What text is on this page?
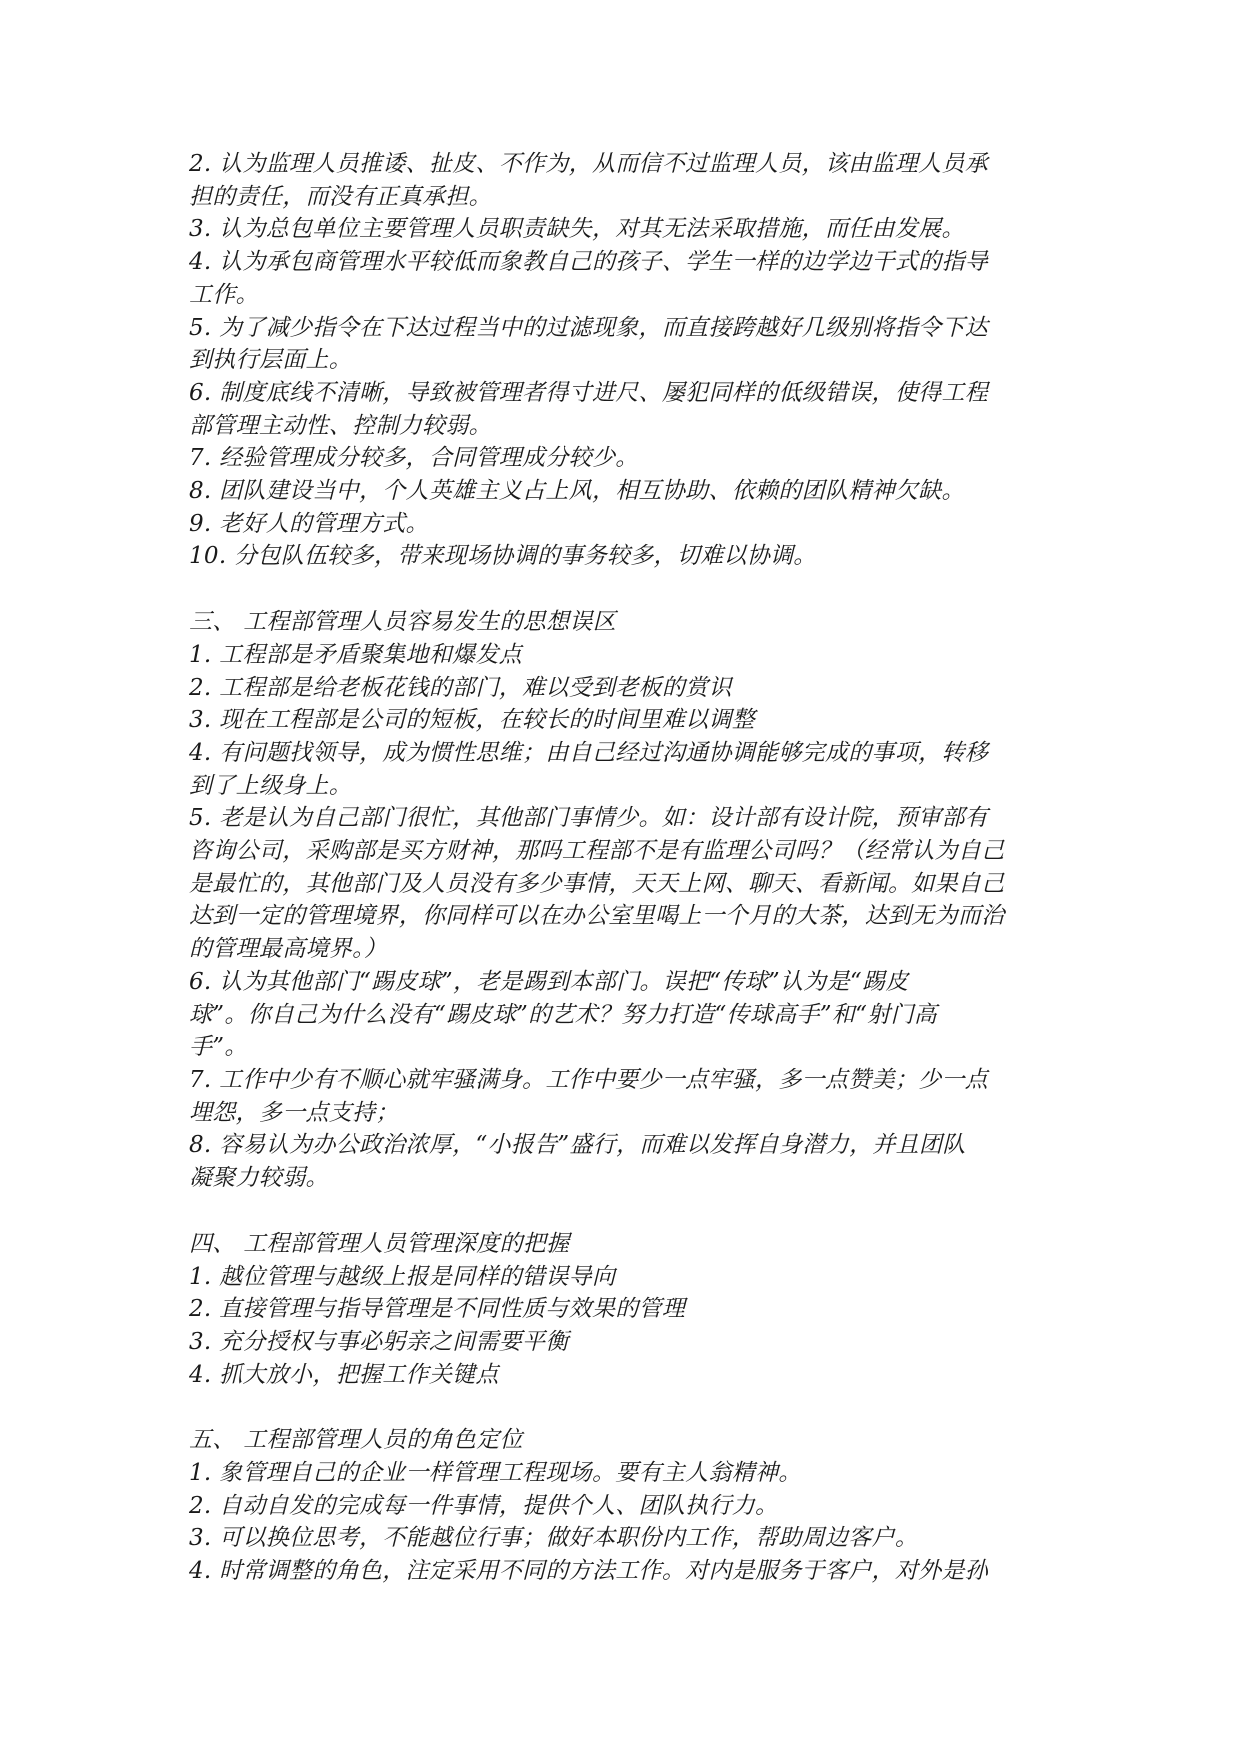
2. 认为监理人员推诿、扯皮、不作为，从而信不过监理人员，该由监理人员承
担的责任，而没有正真承担。
3. 认为总包单位主要管理人员职责缺失，对其无法采取措施，而任由发展。
4. 认为承包商管理水平较低而象教自己的孩子、学生一样的边学边干式的指导
工作。
5. 为了减少指令在下达过程当中的过滤现象，而直接跨越好几级别将指令下达
到执行层面上。
6. 制度底线不清晰，导致被管理者得寸进尺、屡犯同样的低级错误，使得工程
部管理主动性、控制力较弱。
7. 经验管理成分较多，合同管理成分较少。
8. 团队建设当中，个人英雄主义占上风，相互协助、依赖的团队精神欠缺。
9. 老好人的管理方式。
10. 分包队伍较多，带来现场协调的事务较多，切难以协调。
三、 工程部管理人员容易发生的思想误区
1. 工程部是矛盾聚集地和爆发点
2. 工程部是给老板花钱的部门，难以受到老板的赏识
3. 现在工程部是公司的短板，在较长的时间里难以调整
4. 有问题找领导，成为惯性思维；由自己经过沟通协调能够完成的事项，转移
到了上级身上。
5. 老是认为自己部门很忙，其他部门事情少。如：设计部有设计院，预审部有
咨询公司，采购部是买方财神，那吗工程部不是有监理公司吗？（经常认为自己
是最忙的，其他部门及人员没有多少事情，天天上网、聊天、看新闻。如果自己
达到一定的管理境界，你同样可以在办公室里喝上一个月的大茶，达到无为而治
的管理最高境界。）
6. 认为其他部门“踢皮球”，老是踢到本部门。误把“传球”认为是“踢皮
球”。你自己为什么没有“踢皮球”的艺术？努力打造“传球高手”和“射门高
手”。
7. 工作中少有不顺心就牢骚满身。工作中要少一点牢骚，多一点赞美；少一点
埋怨，多一点支持；
8. 容易认为办公政治浓厚，“小报告”盛行，而难以发挥自身潜力，并且团队
凝聚力较弱。
四、 工程部管理人员管理深度的把握
1. 越位管理与越级上报是同样的错误导向
2. 直接管理与指导管理是不同性质与效果的管理
3. 充分授权与事必躬亲之间需要平衡
4. 抓大放小，把握工作关键点
五、 工程部管理人员的角色定位
1. 象管理自己的企业一样管理工程现场。要有主人翁精神。
2. 自动自发的完成每一件事情，提供个人、团队执行力。
3. 可以换位思考，不能越位行事；做好本职份内工作，帮助周边客户。
4. 时常调整的角色，注定采用不同的方法工作。对内是服务于客户，对外是孙
